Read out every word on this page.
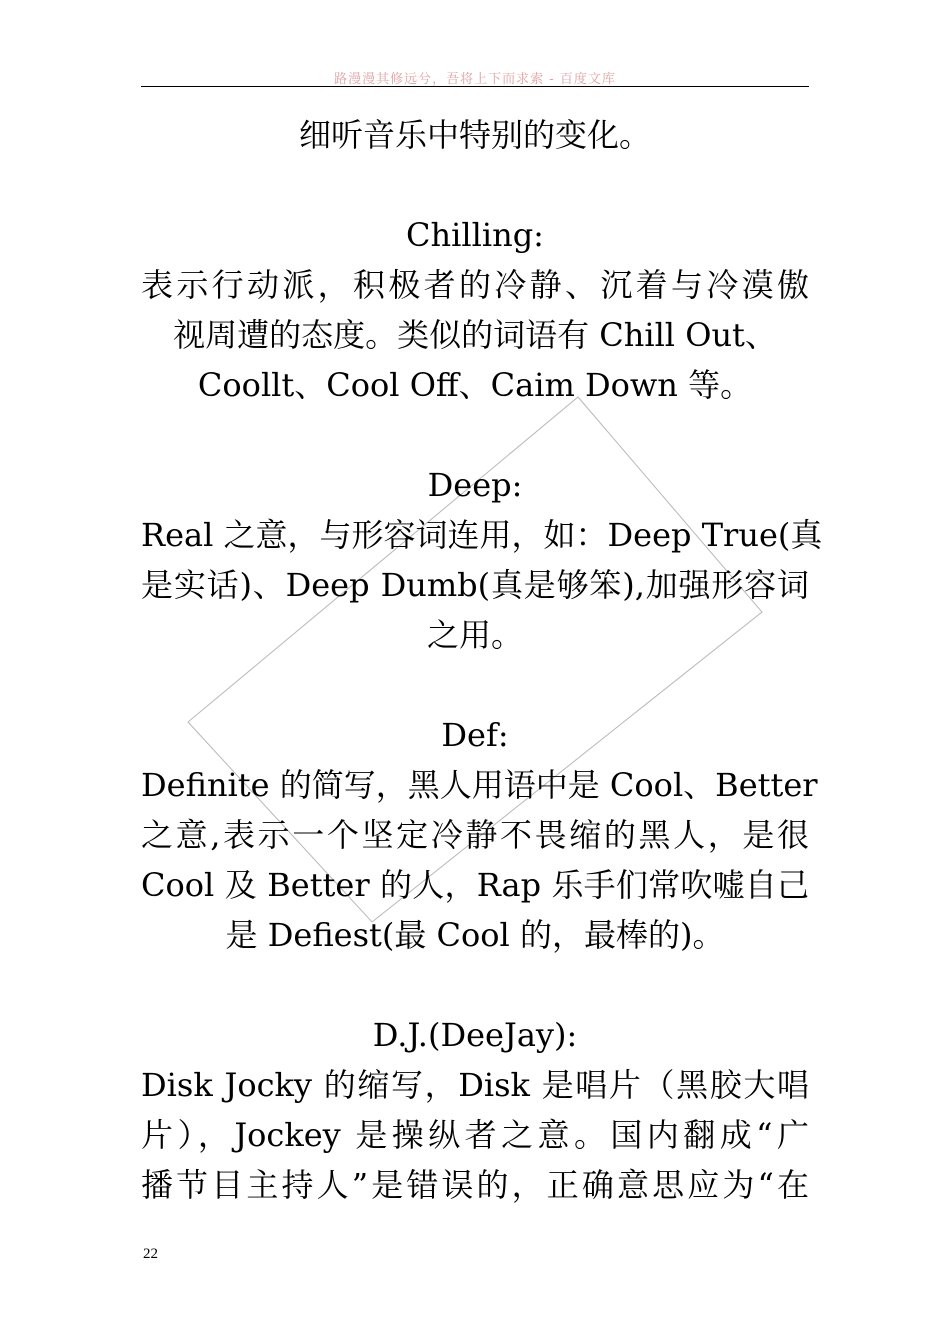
路漫漫其修远兮，吾将上下而求索 - 百度文库
细听音乐中特别的变化。
Chilling:
表示行动派，积极者的冷静、沉着与冷漠傲
视周遭的态度。类似的词语有 Chill Out、
Coollt、Cool Off、Caim Down 等。
Deep:
Real 之意，与形容词连用，如：Deep True(真
是实话)、Deep Dumb(真是够笨),加强形容词
之用。
Def:
Definite 的简写，黑人用语中是 Cool、Better
之意,表示一个坚定冷静不畏缩的黑人，是很
Cool 及 Better 的人，Rap 乐手们常吹嘘自己
是 Defiest(最 Cool 的，最棒的)。
D.J.(DeeJay):
Disk Jocky 的缩写，Disk 是唱片（黑胶大唱
片），Jockey 是操纵者之意。国内翻成“广
播节目主持人”是错误的，正确意思应为“在
22
